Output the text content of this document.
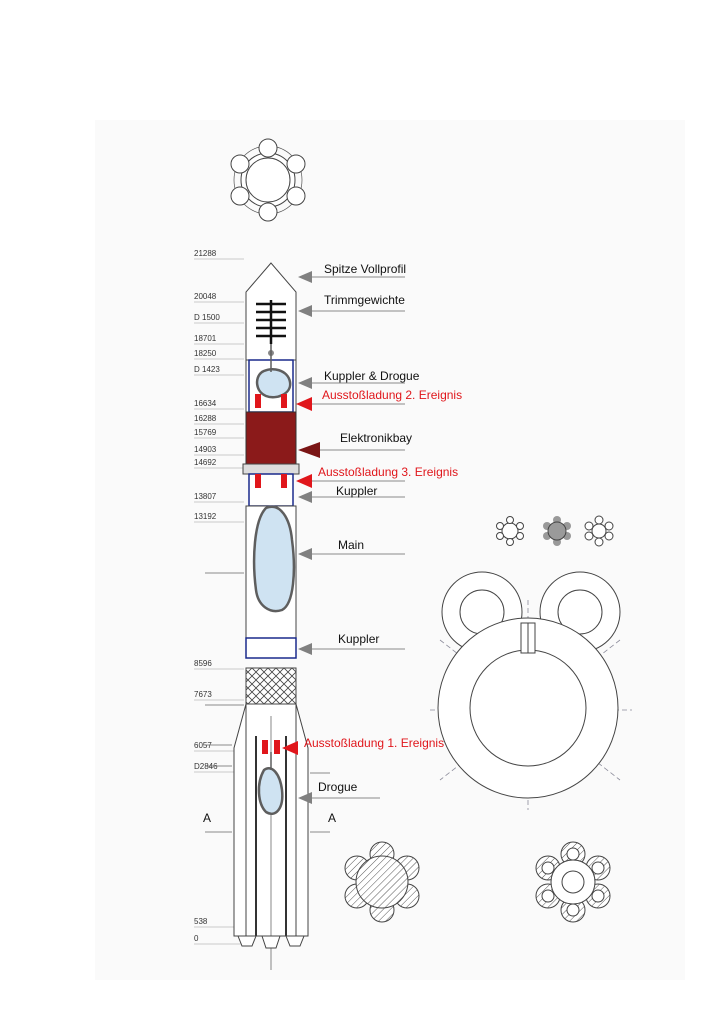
21288
20048
D 1500
18701
18250
D 1423
16634
16288
15769
14903
14692
13807
13192
8596
7673
6057
D2846
538
0
A	A
Spitze Vollprofil
Trimmgewichte
Kuppler & Drogue
Ausstoßladung 2. Ereignis
Elektronikbay
Ausstoßladung 3. Ereignis
Kuppler
Main
Kuppler
Ausstoßladung 1. Ereignis
Drogue
